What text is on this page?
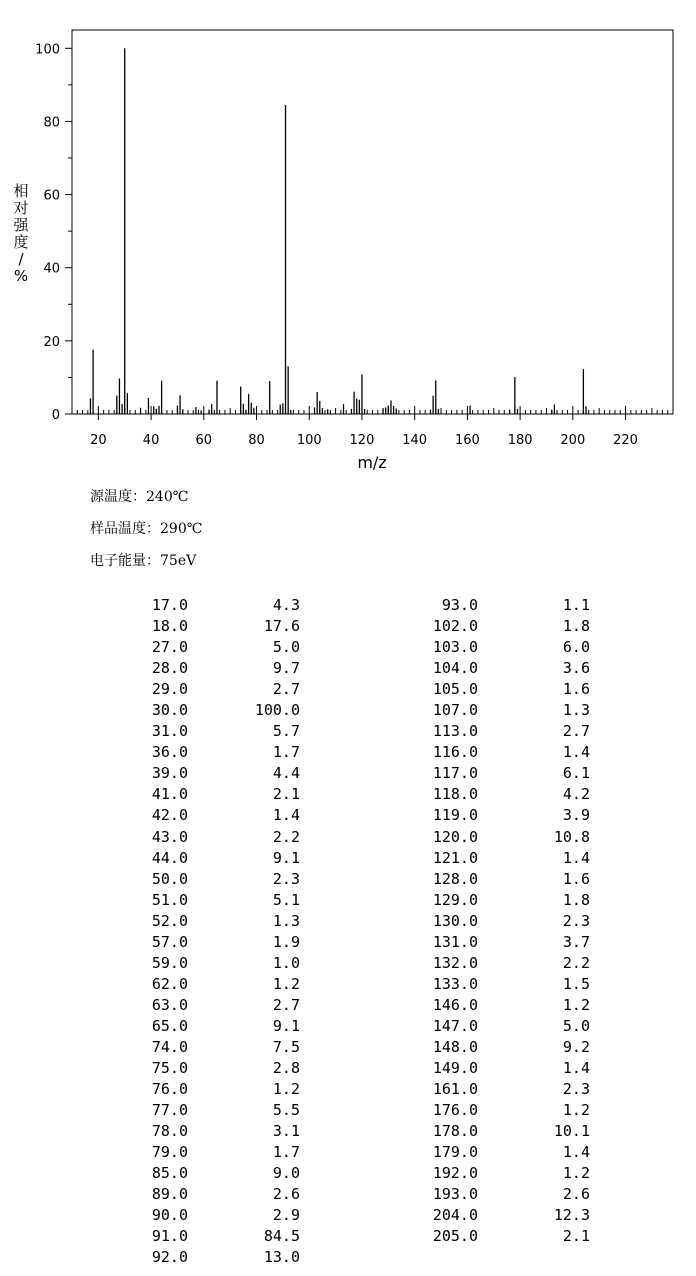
0
20
40
60
80
100
20	40	60	80 100 120 140 160 180 200 220
m/z
相对强度/ %
源温度：240℃
样品温度：290℃
电子能量：75eV
17.0	4.3
18.0	17.6
27.0	5.0
28.0	9.7
29.0	2.7
30.0	100.0
31.0	5.7
36.0	1.7
39.0	4.4
41.0	2.1
42.0	1.4
43.0	2.2
44.0	9.1
50.0	2.3
51.0	5.1
52.0	1.3
57.0	1.9
59.0	1.0
62.0	1.2
63.0	2.7
65.0	9.1
74.0	7.5
75.0	2.8
76.0	1.2
77.0	5.5
78.0	3.1
79.0	1.7
85.0	9.0
89.0	2.6
90.0	2.9
91.0	84.5
92.0	13.0
93.0	1.1
102.0	1.8
103.0	6.0
104.0	3.6
105.0	1.6
107.0	1.3
113.0	2.7
116.0	1.4
117.0	6.1
118.0	4.2
119.0	3.9
120.0	10.8
121.0	1.4
128.0	1.6
129.0	1.8
130.0	2.3
131.0	3.7
132.0	2.2
133.0	1.5
146.0	1.2
147.0	5.0
148.0	9.2
149.0	1.4
161.0	2.3
176.0	1.2
178.0	10.1
179.0	1.4
192.0	1.2
193.0	2.6
204.0	12.3
205.0	2.1
